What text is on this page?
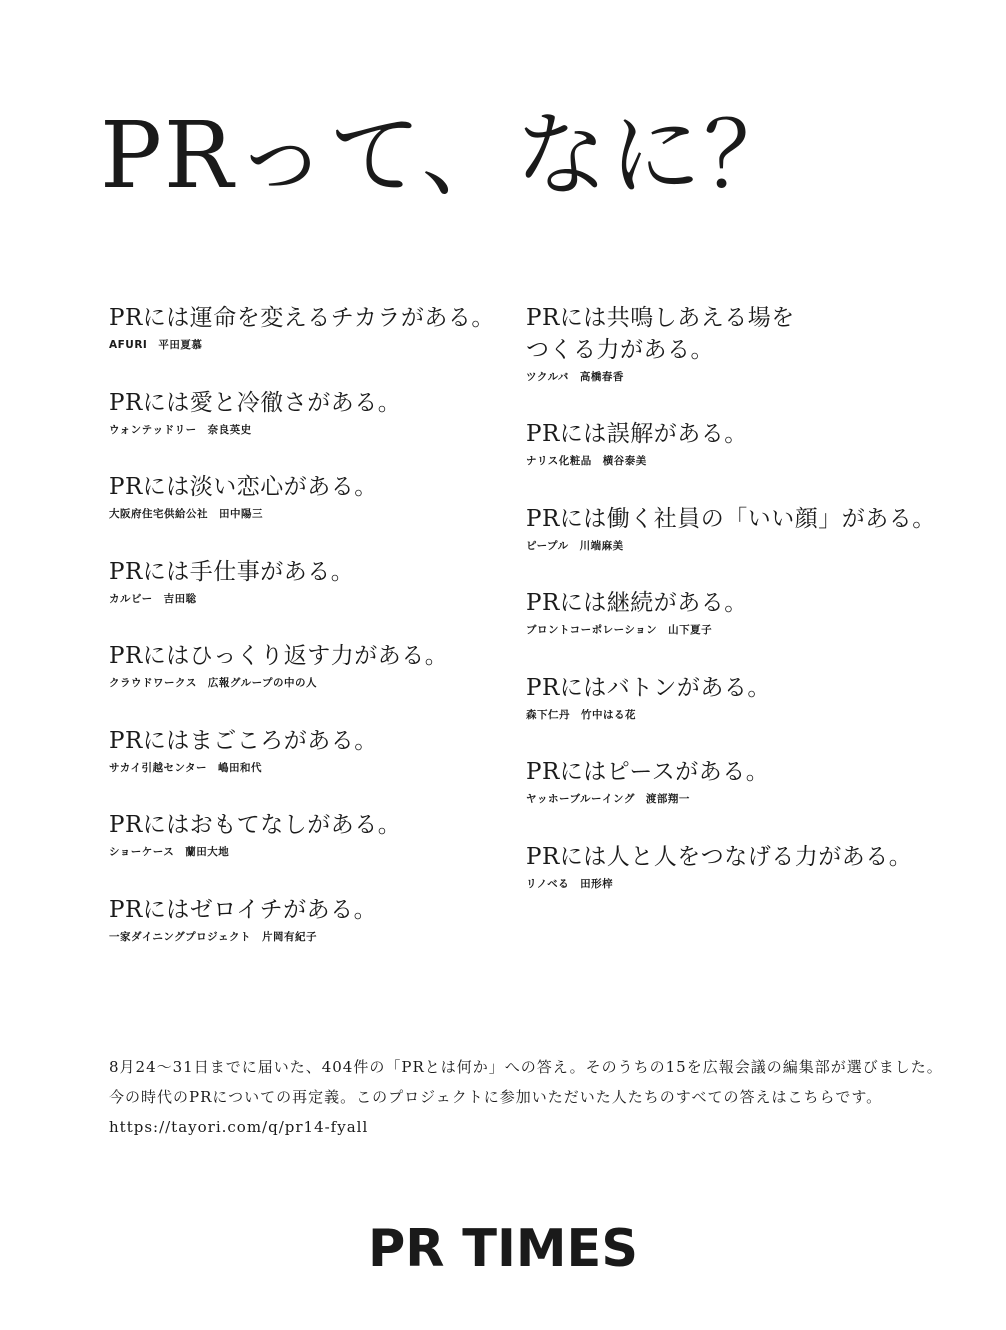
PRって、なに？

PRには運命を変えるチカラがある。

AFURI　平田夏慕

PRには愛と冷徹さがある。

ウォンテッドリー　奈良英史

PRには淡い恋心がある。

大阪府住宅供給公社　田中陽三

PRには手仕事がある。

カルビー　吉田聡

PRにはひっくり返す力がある。

クラウドワークス　広報グループの中の人

PRにはまごころがある。

サカイ引越センター　嶋田和代

PRにはおもてなしがある。

ショーケース　蘭田大地

PRにはゼロイチがある。

一家ダイニングプロジェクト　片岡有紀子

PRには共鳴しあえる場を
つくる力がある。

ツクルバ　高橋春香

PRには誤解がある。

ナリス化粧品　横谷泰美

PRには働く社員の「いい顔」がある。

ピープル　川端麻美

PRには継続がある。

ブロントコーポレーション　山下夏子

PRにはバトンがある。

森下仁丹　竹中はる花

PRにはピースがある。

ヤッホーブルーイング　渡部翔一

PRには人と人をつなげる力がある。

リノベる　田形梓

8月24〜31日までに届いた、404件の「PRとは何か」への答え。そのうちの15を広報会議の編集部が選びました。

今の時代のPRについての再定義。このプロジェクトに参加いただいた人たちのすべての答えはこちらです。

https://tayori.com/q/pr14-fyall

PR TIMES
